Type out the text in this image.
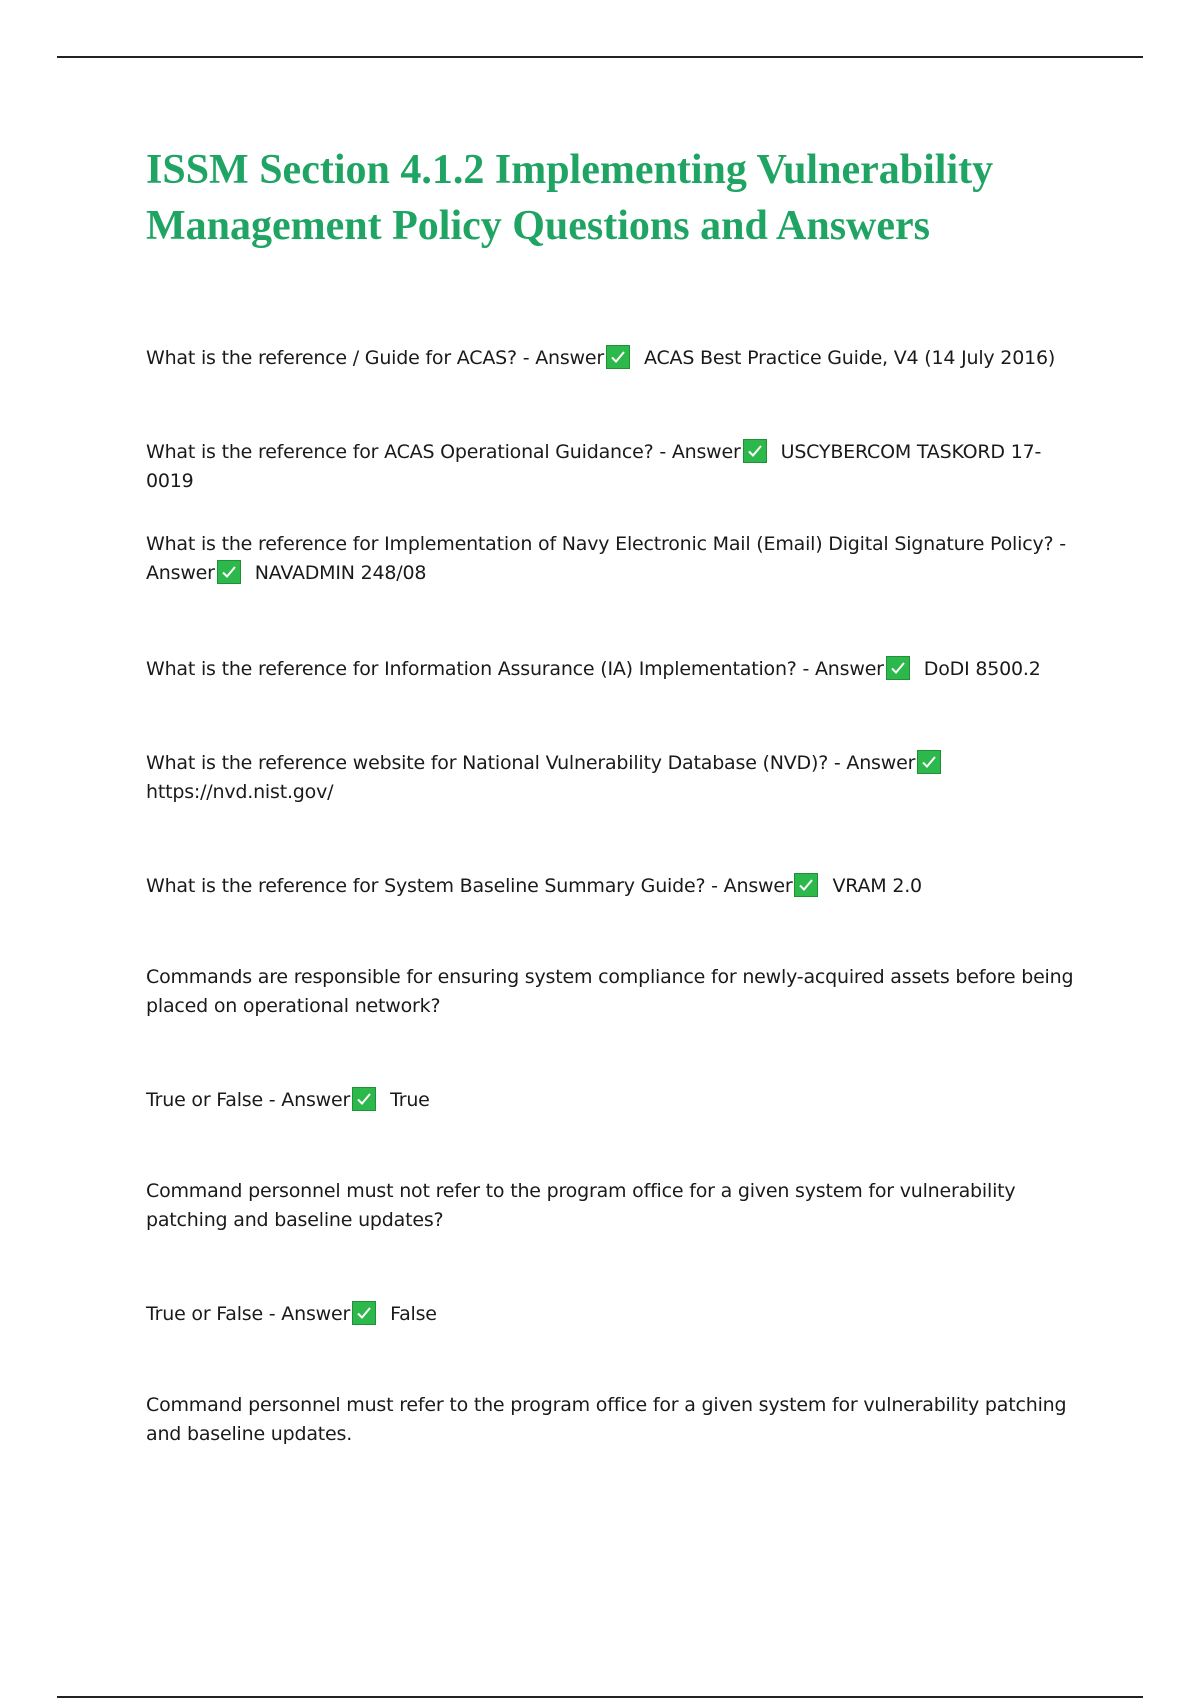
ISSM Section 4.1.2 Implementing Vulnerability Management Policy Questions and Answers

What is the reference / Guide for ACAS? - Answer ACAS Best Practice Guide, V4 (14 July 2016)

What is the reference for ACAS Operational Guidance? - Answer USCYBERCOM TASKORD 17-0019

What is the reference for Implementation of Navy Electronic Mail (Email) Digital Signature Policy? - Answer NAVADMIN 248/08

What is the reference for Information Assurance (IA) Implementation? - Answer DoDI 8500.2

What is the reference website for National Vulnerability Database (NVD)? - Answer

https://nvd.nist.gov/

What is the reference for System Baseline Summary Guide? - Answer VRAM 2.0

Commands are responsible for ensuring system compliance for newly-acquired assets before being placed on operational network?

True or False - Answer True

Command personnel must not refer to the program office for a given system for vulnerability patching and baseline updates?

True or False - Answer False

Command personnel must refer to the program office for a given system for vulnerability patching and baseline updates.
